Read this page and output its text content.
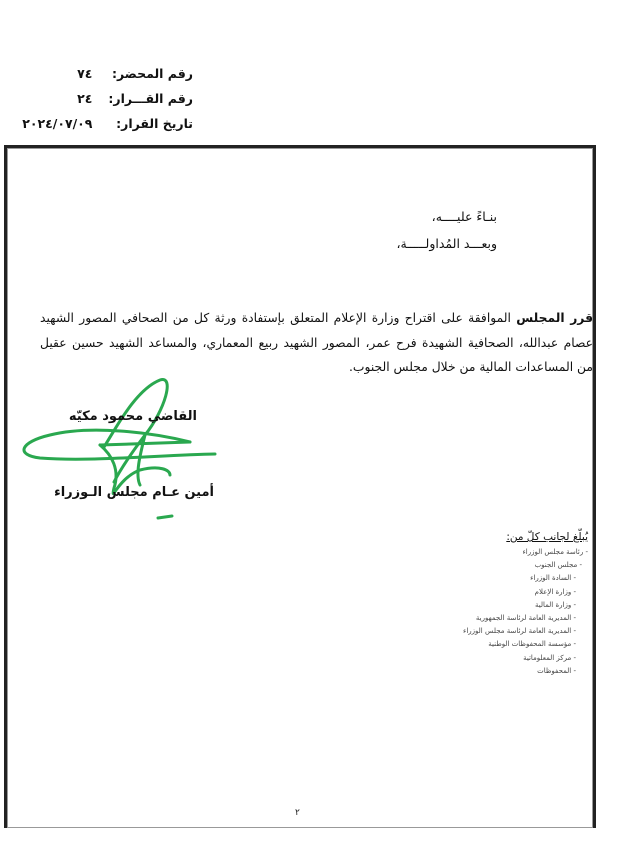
رقم المحضر:
٧٤
رقم القـــرار:
٢٤
تاريخ القرار:
٢٠٢٤/٠٧/٠٩
بنـاءً عليــــه،
وبعـــد المُداولـــــة،
قرر المجلس الموافقة على اقتراح وزارة الإعلام المتعلق بإستفادة ورثة كل من الصحافي المصور الشهيد عصام عبدالله، الصحافية الشهيدة فرح عمر، المصور الشهيد ربيع المعماري، والمساعد الشهيد حسين عقيل من المساعدات المالية من خلال مجلس الجنوب.
القاضي محمود مكيّه
أمين عـام مجلس الـوزراء
يُبلّغ لجانب كلّ من:
- رئاسة مجلس الوزراء
- مجلس الجنوب
- السادة الوزراء
- وزارة الإعلام
- وزارة المالية
- المديرية العامة لرئاسة الجمهورية
- المديرية العامة لرئاسة مجلس الوزراء
- مؤسسة المحفوظات الوطنية
- مركز المعلوماتية
- المحفوظات
٢
